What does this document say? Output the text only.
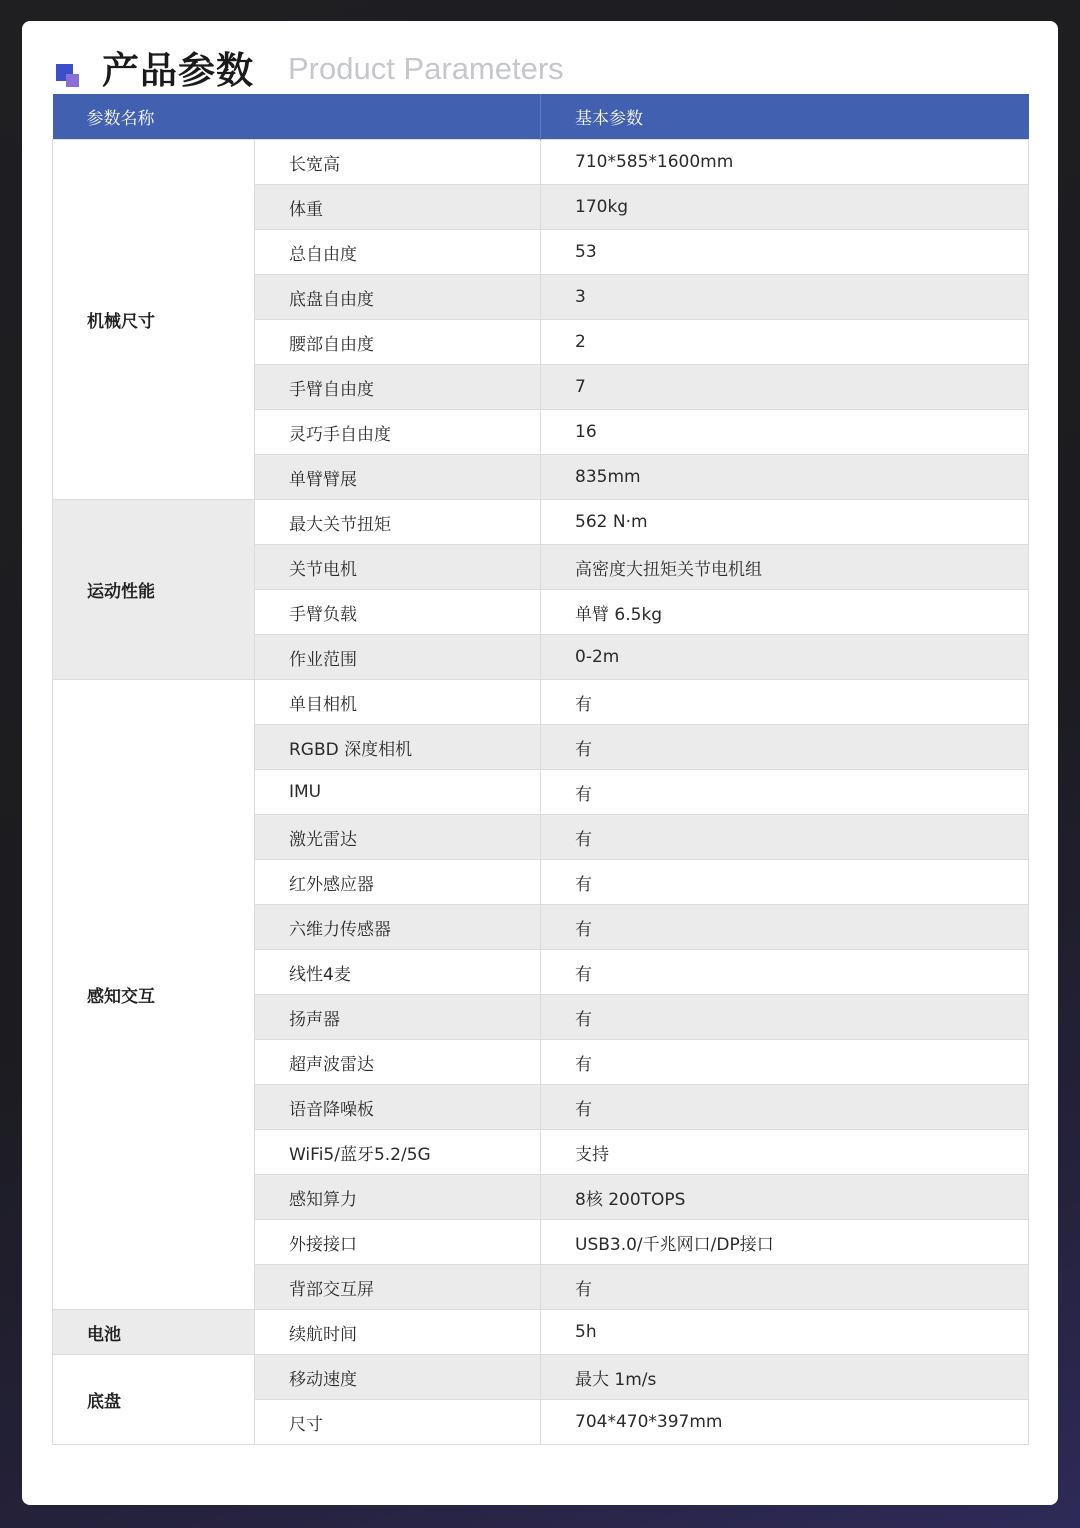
产品参数 Product Parameters
参数名称		基本参数
机械尺寸	长宽高	710*585*1600mm
	体重	170kg
	总自由度	53
	底盘自由度	3
	腰部自由度	2
	手臂自由度	7
	灵巧手自由度	16
	单臂臂展	835mm
运动性能	最大关节扭矩	562 N·m
	关节电机	高密度大扭矩关节电机组
	手臂负载	单臂 6.5kg
	作业范围	0-2m
感知交互	单目相机	有
	RGBD 深度相机	有
	IMU	有
	激光雷达	有
	红外感应器	有
	六维力传感器	有
	线性4麦	有
	扬声器	有
	超声波雷达	有
	语音降噪板	有
	WiFi5/蓝牙5.2/5G	支持
	感知算力	8核 200TOPS
	外接接口	USB3.0/千兆网口/DP接口
	背部交互屏	有
电池	续航时间	5h
底盘	移动速度	最大 1m/s
	尺寸	704*470*397mm
